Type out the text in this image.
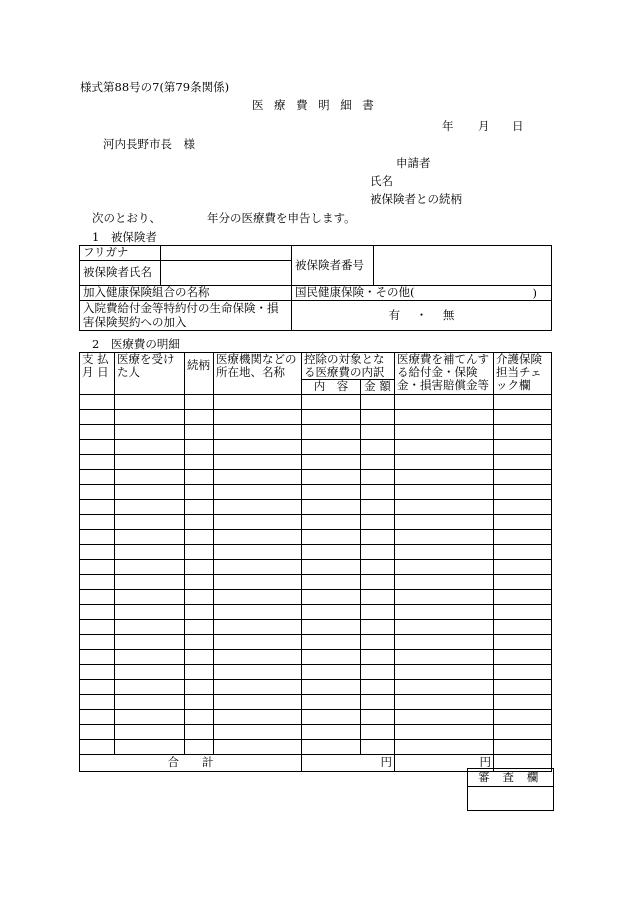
様式第88号の7(第79条関係)
医 療 費 明 細 書
年 月 日
河内長野市長　様
申請者
氏名
被保険者との続柄
次のとおり、	年分の医療費を申告します。
1　被保険者
フリガナ		被保険者番号	
被保険者氏名			
加入健康保険組合の名称		国民健康保険・その他( )	

入院費給付金等特約付の生命保険・損害保険契約への加入		有 ・ 無	
2　医療費の明細
支 払 月 日	医療を受けた人	続柄	医療機関などの所在地、名称	控除の対象となる医療費の内訳		医療費を補てんする給付金・保険金・損害賠償金等	介護保険担当チェック欄
				内　容	金 額		

合　　計				円		円	
審 査 欄
